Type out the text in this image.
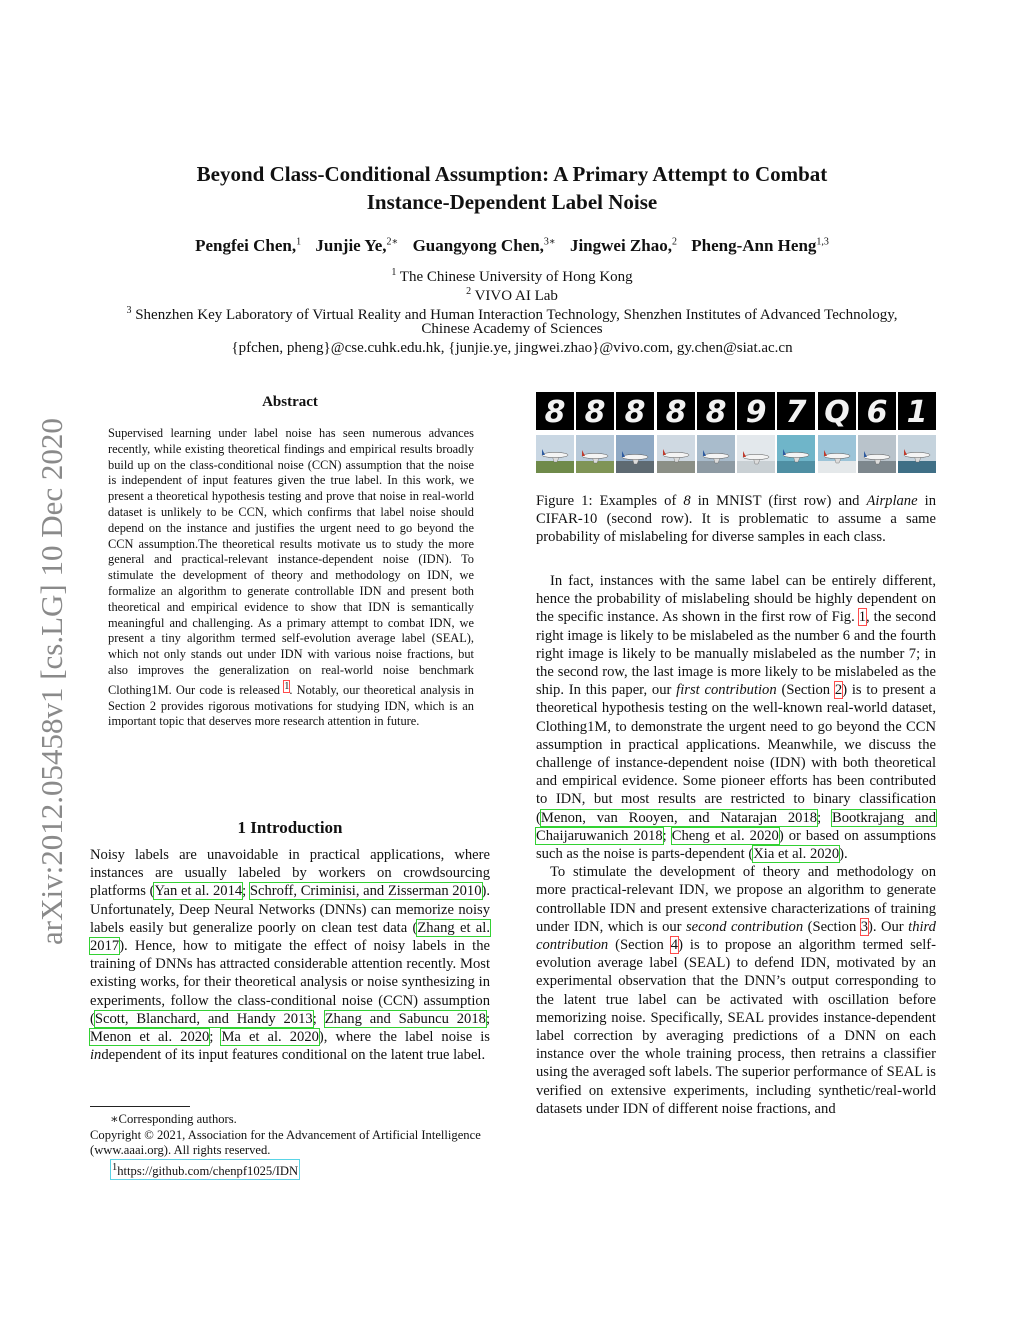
arXiv:2012.05458v1 [cs.LG] 10 Dec 2020
Beyond Class-Conditional Assumption: A Primary Attempt to Combat
Instance-Dependent Label Noise
Pengfei Chen,$^1$ Junjie Ye,$^{2∗}$ Guangyong Chen,$^{3∗}$ Jingwei Zhao,$^2$ Pheng-Ann Heng$^{1,3}$
$^1$ The Chinese University of Hong Kong
$^2$ VIVO AI Lab
$^3$ Shenzhen Key Laboratory of Virtual Reality and Human Interaction Technology, Shenzhen Institutes of Advanced Technology,
Chinese Academy of Sciences
{pfchen, pheng}@cse.cuhk.edu.hk, {junjie.ye, jingwei.zhao}@vivo.com, gy.chen@siat.ac.cn
Abstract

Supervised learning under label noise has seen numerous advances recently, while existing theoretical findings and empirical results broadly build up on the class-conditional noise (CCN) assumption that the noise is independent of input features given the true label. In this work, we present a theoretical hypothesis testing and prove that noise in real-world dataset is unlikely to be CCN, which confirms that label noise should depend on the instance and justifies the urgent need to go beyond the CCN assumption.The theoretical results motivate us to study the more general and practical-relevant instance-dependent noise (IDN). To stimulate the development of theory and methodology on IDN, we formalize an algorithm to generate controllable IDN and present both theoretical and empirical evidence to show that IDN is semantically meaningful and challenging. As a primary attempt to combat IDN, we present a tiny algorithm termed self-evolution average label (SEAL), which not only stands out under IDN with various noise fractions, but also improves the generalization on real-world noise benchmark Clothing1M. Our code is released $^1$. Notably, our theoretical analysis in Section 2 provides rigorous motivations for studying IDN, which is an important topic that deserves more research attention in future.

1 Introduction

Noisy labels are unavoidable in practical applications, where instances are usually labeled by workers on crowdsourcing platforms (Yan et al. 2014; Schroff, Criminisi, and Zisserman 2010). Unfortunately, Deep Neural Networks (DNNs) can memorize noisy labels easily but generalize poorly on clean test data (Zhang et al. 2017). Hence, how to mitigate the effect of noisy labels in the training of DNNs has attracted considerable attention recently. Most existing works, for their theoretical analysis or noise synthesizing in experiments, follow the class-conditional noise (CCN) assumption (Scott, Blanchard, and Handy 2013; Zhang and Sabuncu 2018; Menon et al. 2020; Ma et al. 2020), where the label noise is independent of its input features conditional on the latent true label.

∗Corresponding authors.

Copyright © 2021, Association for the Advancement of Artificial Intelligence (www.aaai.org). All rights reserved.

$^1$https://github.com/chenpf1025/IDN

8 8 8 8 8 9 7 Q 6 1
Figure 1: Examples of 8 in MNIST (first row) and Airplane in CIFAR-10 (second row). It is problematic to assume a same probability of mislabeling for diverse samples in each class.

In fact, instances with the same label can be entirely different, hence the probability of mislabeling should be highly dependent on the specific instance. As shown in the first row of Fig. 1, the second right image is likely to be mislabeled as the number 6 and the fourth right image is likely to be manually mislabeled as the number 7; in the second row, the last image is more likely to be mislabeled as the ship. In this paper, our first contribution (Section 2) is to present a theoretical hypothesis testing on the well-known real-world dataset, Clothing1M, to demonstrate the urgent need to go beyond the CCN assumption in practical applications. Meanwhile, we discuss the challenge of instance-dependent noise (IDN) with both theoretical and empirical evidence. Some pioneer efforts has been contributed to IDN, but most results are restricted to binary classification (Menon, van Rooyen, and Natarajan 2018; Bootkrajang and Chaijaruwanich 2018; Cheng et al. 2020) or based on assumptions such as the noise is parts-dependent (Xia et al. 2020).

To stimulate the development of theory and methodology on more practical-relevant IDN, we propose an algorithm to generate controllable IDN and present extensive characterizations of training under IDN, which is our second contribution (Section 3). Our third contribution (Section 4) is to propose an algorithm termed self-evolution average label (SEAL) to defend IDN, motivated by an experimental observation that the DNN’s output corresponding to the latent true label can be activated with oscillation before memorizing noise. Specifically, SEAL provides instance-dependent label correction by averaging predictions of a DNN on each instance over the whole training process, then retrains a classifier using the averaged soft labels. The superior performance of SEAL is verified on extensive experiments, including synthetic/real-world datasets under IDN of different noise fractions, and
